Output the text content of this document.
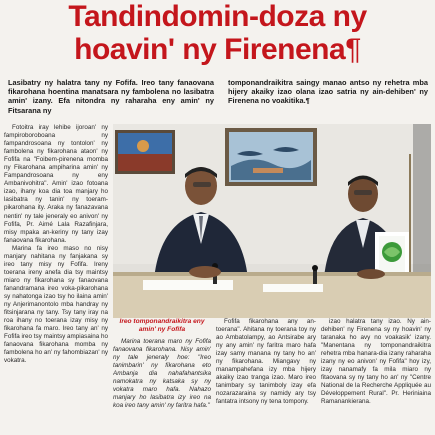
Tandindomin-doza ny
hoavin' ny Firenena¶
Lasibatry ny halatra tany ny Fofifa. Ireo tany fanaovana fikarohana hoentina manatsara ny fambolena no lasibatra amin' izany. Efa nitondra ny raharaha eny amin' ny Fitsarana ny
tomponandraikitra saingy manao antso ny rehetra mba hijery akaiky izao olana izao satria ny ain-dehiben' ny Firenena no voakitika.¶

Fotoitra iray lehibe ijoroan' ny fampiroboroboana ny fampandrosoana ny tontolon' ny fambolena ny fikarohana ataon' ny Fofifa na "Foibem-pirenena momba ny Fikarohana ampiharina amin' ny Fampandrosoana ny eny Ambanivohitra". Amin' izao fotoana izao, ihany koa dia toa manjary ho lasibatra ny tanin' ny toeram-pikarohana ity. Araka ny fanazavana nentin' ny tale jeneraly eo anivon' ny Fofifa, Pr. Aimé Lala Razafinjara, misy mpaka an-keriny ny tany izay fanaovana fikarohana.

Marina fa ireo maso no nisy manjary nahitana ny fanjakana sy ireo tany misy ny Fofifa. Ireny toerana ireny anefa dia tsy maintsy miaro ny fikarohana sy fanaovana fanandramana ireo voka-pikarohana sy nahatonga izao tsy ho ilaina amin' ny Anjerimanontolo mba handray ny fitsinjarana ny tany. Tsy tany iray na roa ihany no toerana izay misy ny fikarohana fa maro. Ireo tany an' ny Fofifa ireo tsy maintsy ampiasaina ho fanaovana fikarohana momba ny fambolena ho an' ny fahombiazan' ny vokatra.

Ireo tomponandraikitra eny amin' ny Fofifa

Marina toerana maro ny Fofifa fanaovana fikarohana. Nisy amin' ny tale jeneraly hoe: "Ireo tanimbarin' ny fikarohana eto Ambanja dia nahafahantsika namokatra ny katsaka sy ny vokatra maro hafa. Nahazo manjary ho lasibatra izy ireo na koa ireo tany amin' ny faritra hafa."

Fofifa fikarohana any an-toerana". Ahitana ny toerana toy ny ao Ambatolampy, ao Antsirabe ary ny any amin' ny faritra maro hafa izay samy manana ny tany ho an' ny fikarohana. Miangavy ny manampahefana izy mba hijery akaiky izao tranga izao. Maro ireo tanimbary sy tanimboly izay efa nozarazaraina sy namidy ary tsy fantatra intsony ny tena tompony.

izao halatra tany izao. Ny ain-dehiben' ny Firenena sy ny hoavin' ny taranaka ho avy no voakasik' izany. "Manentana ny tomponandraikitra rehetra mba hanara-dia izany raharaha izany ny eo anivon' ny Fofifa" hoy izy, izay nanamafy fa mila miaro ny fitaovana sy ny tany ho an' ny "Centre National de la Recherche Appliquée au Développement Rural". Pr. Heriniaina Ramanankierana.
